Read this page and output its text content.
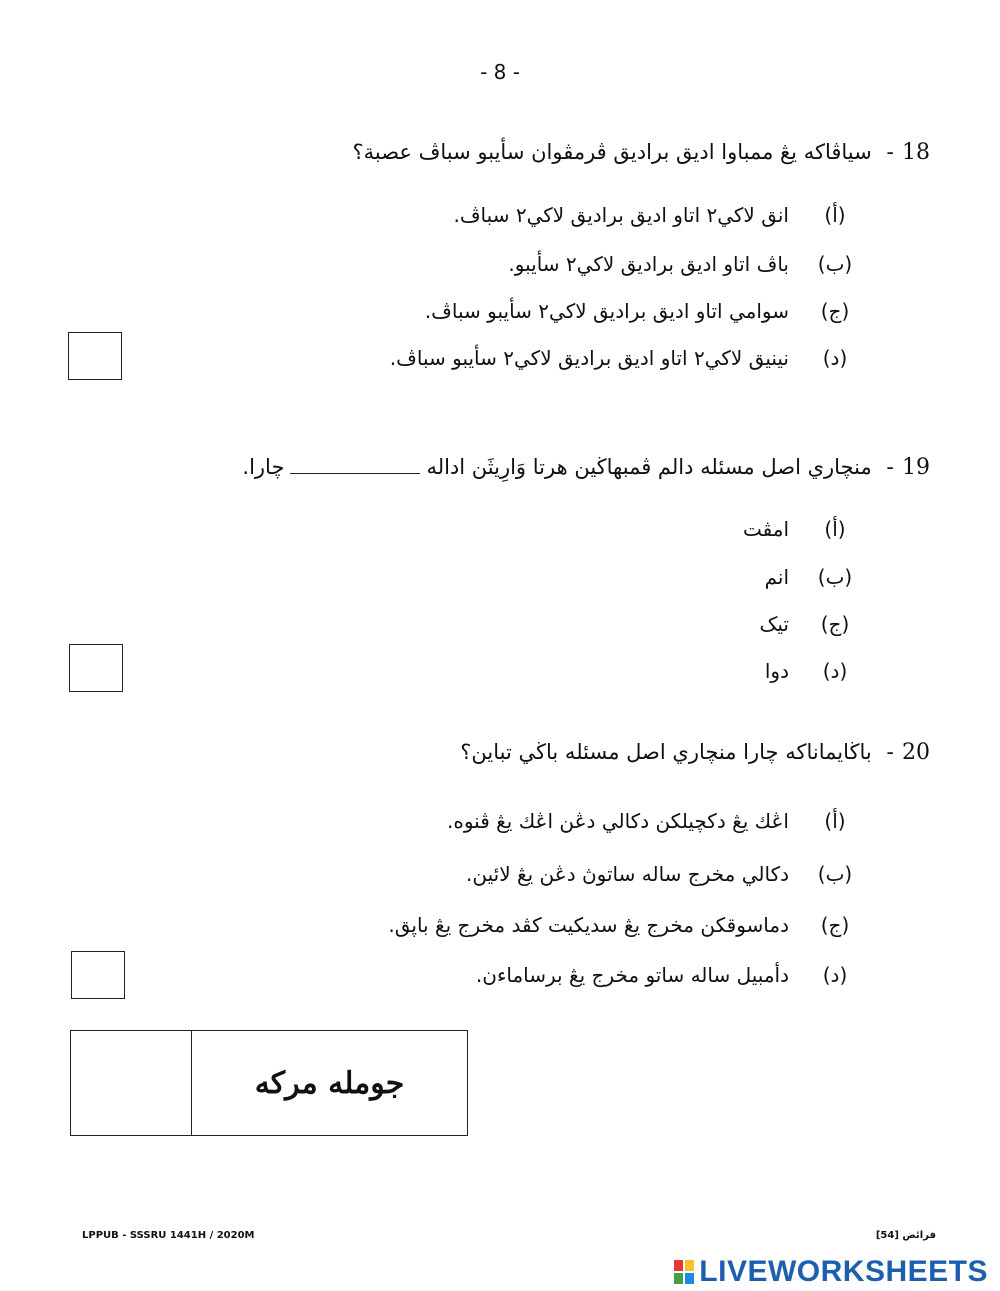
- 8 -
18- سياڤاكه يڠ ممباوا اديق براديق ڤرمڤوان سأيبو سباڤ عصبة؟
(أ)انق لاكي٢ اتاو اديق براديق لاكي٢ سباڤ.
(ب)باڤ اتاو اديق براديق لاكي٢ سأيبو.
(ج)سوامي اتاو اديق براديق لاكي٢ سأيبو سباڤ.
(د)نينيق لاكي٢ اتاو اديق براديق لاكي٢ سأيبو سباڤ.
19- منچاري اصل مسئله دالم ڤمبهاڬين هرتا وَارِيثَن ادالهچارا.
(أ)امڤت
(ب)انم
(ج)تيک
(د)دوا
20- باڬايماناكه چارا منچاري اصل مسئله باڬي تباين؟
(أ)اڠك يڠ دكچيلكن دكالي دڠن اڠك يڠ ڤنوه.
(ب)دكالي مخرج ساله ساتوڽ دڠن يڠ لائين.
(ج)دماسوقكن مخرج يڠ سديکيت کڤد مخرج يڠ باپق.
(د)دأمبيل ساله ساتو مخرج يڠ برساماءن.
جوملە مركە
LPPUB - SSSRU 1441H / 2020M	فرائض [54]
LIVEWORKSHEETS
